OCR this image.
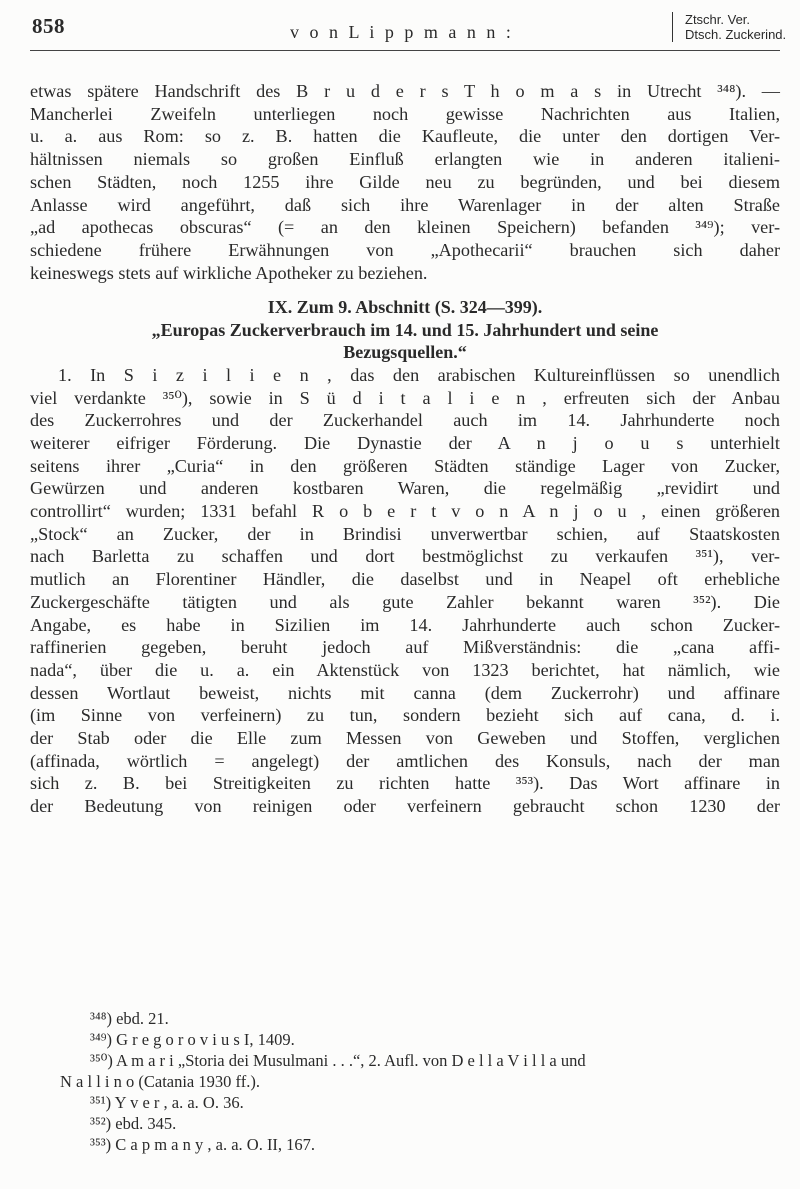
858	v o n L i p p m a n n :
Ztschr. Ver.
Dtsch. Zuckerind.

etwas spätere Handschrift des B r u d e r s T h o m a s in Utrecht ³⁴⁸). —
Mancherlei Zweifeln unterliegen noch gewisse Nachrichten aus Italien,
u. a. aus Rom: so z. B. hatten die Kaufleute, die unter den dortigen Ver-
hältnissen niemals so großen Einfluß erlangten wie in anderen italieni-
schen Städten, noch 1255 ihre Gilde neu zu begründen, und bei diesem
Anlasse wird angeführt, daß sich ihre Warenlager in der alten Straße
„ad apothecas obscuras“ (= an den kleinen Speichern) befanden ³⁴⁹); ver-
schiedene frühere Erwähnungen von „Apothecarii“ brauchen sich daher
keineswegs stets auf wirkliche Apotheker zu beziehen.

IX. Zum 9. Abschnitt (S. 324—399).
„Europas Zuckerverbrauch im 14. und 15. Jahrhundert und seine
Bezugsquellen.“

1. In S i z i l i e n , das den arabischen Kultureinflüssen so unendlich
viel verdankte ³⁵⁰), sowie in S ü d i t a l i e n , erfreuten sich der Anbau
des Zuckerrohres und der Zuckerhandel auch im 14. Jahrhunderte noch
weiterer eifriger Förderung. Die Dynastie der A n j o u s unterhielt
seitens ihrer „Curia“ in den größeren Städten ständige Lager von Zucker,
Gewürzen und anderen kostbaren Waren, die regelmäßig „revidirt und
controllirt“ wurden; 1331 befahl R o b e r t v o n A n j o u , einen größeren
„Stock“ an Zucker, der in Brindisi unverwertbar schien, auf Staatskosten
nach Barletta zu schaffen und dort bestmöglichst zu verkaufen ³⁵¹), ver-
mutlich an Florentiner Händler, die daselbst und in Neapel oft erhebliche
Zuckergeschäfte tätigten und als gute Zahler bekannt waren ³⁵²). Die
Angabe, es habe in Sizilien im 14. Jahrhunderte auch schon Zucker-
raffinerien gegeben, beruht jedoch auf Mißverständnis: die „cana affi-
nada“, über die u. a. ein Aktenstück von 1323 berichtet, hat nämlich, wie
dessen Wortlaut beweist, nichts mit canna (dem Zuckerrohr) und affinare
(im Sinne von verfeinern) zu tun, sondern bezieht sich auf cana, d. i.
der Stab oder die Elle zum Messen von Geweben und Stoffen, verglichen
(affinada, wörtlich = angelegt) der amtlichen des Konsuls, nach der man
sich z. B. bei Streitigkeiten zu richten hatte ³⁵³). Das Wort affinare in
der Bedeutung von reinigen oder verfeinern gebraucht schon 1230 der

³⁴⁸) ebd. 21.
³⁴⁹) G r e g o r o v i u s I, 1409.
³⁵⁰) A m a r i „Storia dei Musulmani . . .“, 2. Aufl. von D e l l a V i l l a und
N a l l i n o (Catania 1930 ff.).
³⁵¹) Y v e r , a. a. O. 36.
³⁵²) ebd. 345.
³⁵³) C a p m a n y , a. a. O. II, 167.
